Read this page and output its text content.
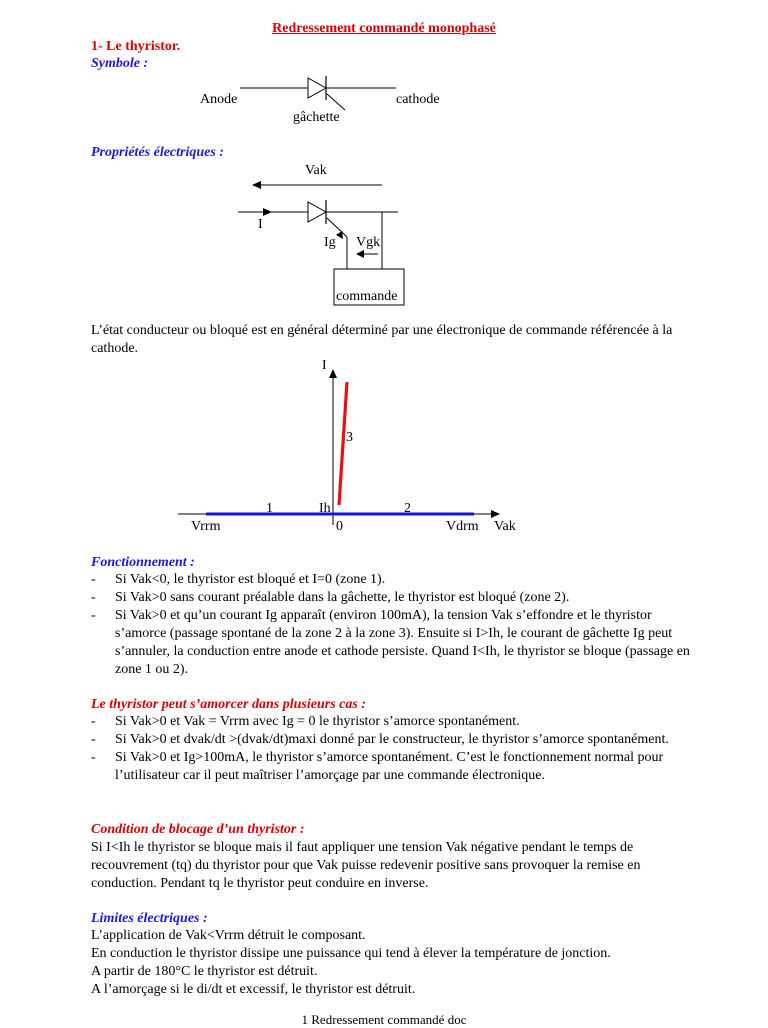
Redressement commandé monophasé
1- Le thyristor.
Symbole :
Anode	cathode
gâchette
Propriétés électriques :
Vak
I
Ig Vgk
commande
L’état conducteur ou bloqué est en général déterminé par une électronique de commande référencée à la cathode.
I
3
1	2
Ih
Vrrm	0	Vdrm Vak
Fonctionnement :
- Si Vak<0, le thyristor est bloqué et I=0 (zone 1).
- Si Vak>0 sans courant préalable dans la gâchette, le thyristor est bloqué (zone 2).
- Si Vak>0 et qu’un courant Ig apparaît (environ 100mA), la tension Vak s’effondre et le thyristor s’amorce (passage spontané de la zone 2 à la zone 3). Ensuite si I>Ih, le courant de gâchette Ig peut s’annuler, la conduction entre anode et cathode persiste. Quand I<Ih, le thyristor se bloque (passage en zone 1 ou 2).
Le thyristor peut s’amorcer dans plusieurs cas :
- Si Vak>0 et Vak = Vrrm avec Ig = 0 le thyristor s’amorce spontanément.
- Si Vak>0 et dvak/dt >(dvak/dt)maxi donné par le constructeur, le thyristor s’amorce spontanément.
- Si Vak>0 et Ig>100mA, le thyristor s’amorce spontanément. C’est le fonctionnement normal pour l’utilisateur car il peut maîtriser l’amorçage par une commande électronique.
Condition de blocage d’un thyristor :
Si I<Ih le thyristor se bloque mais il faut appliquer une tension Vak négative pendant le temps de recouvrement (tq) du thyristor pour que Vak puisse redevenir positive sans provoquer la remise en conduction. Pendant tq le thyristor peut conduire en inverse.
Limites électriques :
L’application de Vak<Vrrm détruit le composant.
En conduction le thyristor dissipe une puissance qui tend à élever la température de jonction.
A partir de 180°C le thyristor est détruit.
A l’amorçage si le di/dt et excessif, le thyristor est détruit.
1 Redressement commandé doc
